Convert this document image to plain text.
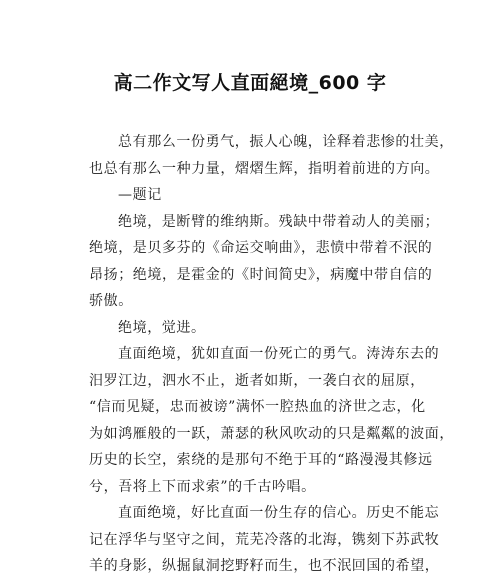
高二作文写人直面絕境_600 字
总有那么一份勇气，振人心魄，诠释着悲惨的壮美，
也总有那么一种力量，熠熠生辉，指明着前进的方向。
—题记
绝境，是断臂的维纳斯。残缺中带着动人的美丽；
绝境，是贝多芬的《命运交响曲》，悲愤中带着不泯的
昂扬；绝境，是霍金的《时间简史》，病魔中带自信的
骄傲。
绝境，觉进。
直面绝境，犹如直面一份死亡的勇气。涛涛东去的
汨罗江边，泗水不止，逝者如斯，一袭白衣的屈原，
“信而见疑，忠而被谤”满怀一腔热血的济世之志，化
为如鸿雁般的一跃，萧瑟的秋风吹动的只是粼粼的波面，
历史的长空，索绕的是那句不绝于耳的“路漫漫其修远
兮，吾将上下而求索”的千古吟唱。
直面绝境，好比直面一份生存的信心。历史不能忘
记在浮华与坚守之间，荒芜冷落的北海，镌刻下苏武牧
羊的身影，纵掘鼠洞挖野籽而生，也不泯回国的希望，
